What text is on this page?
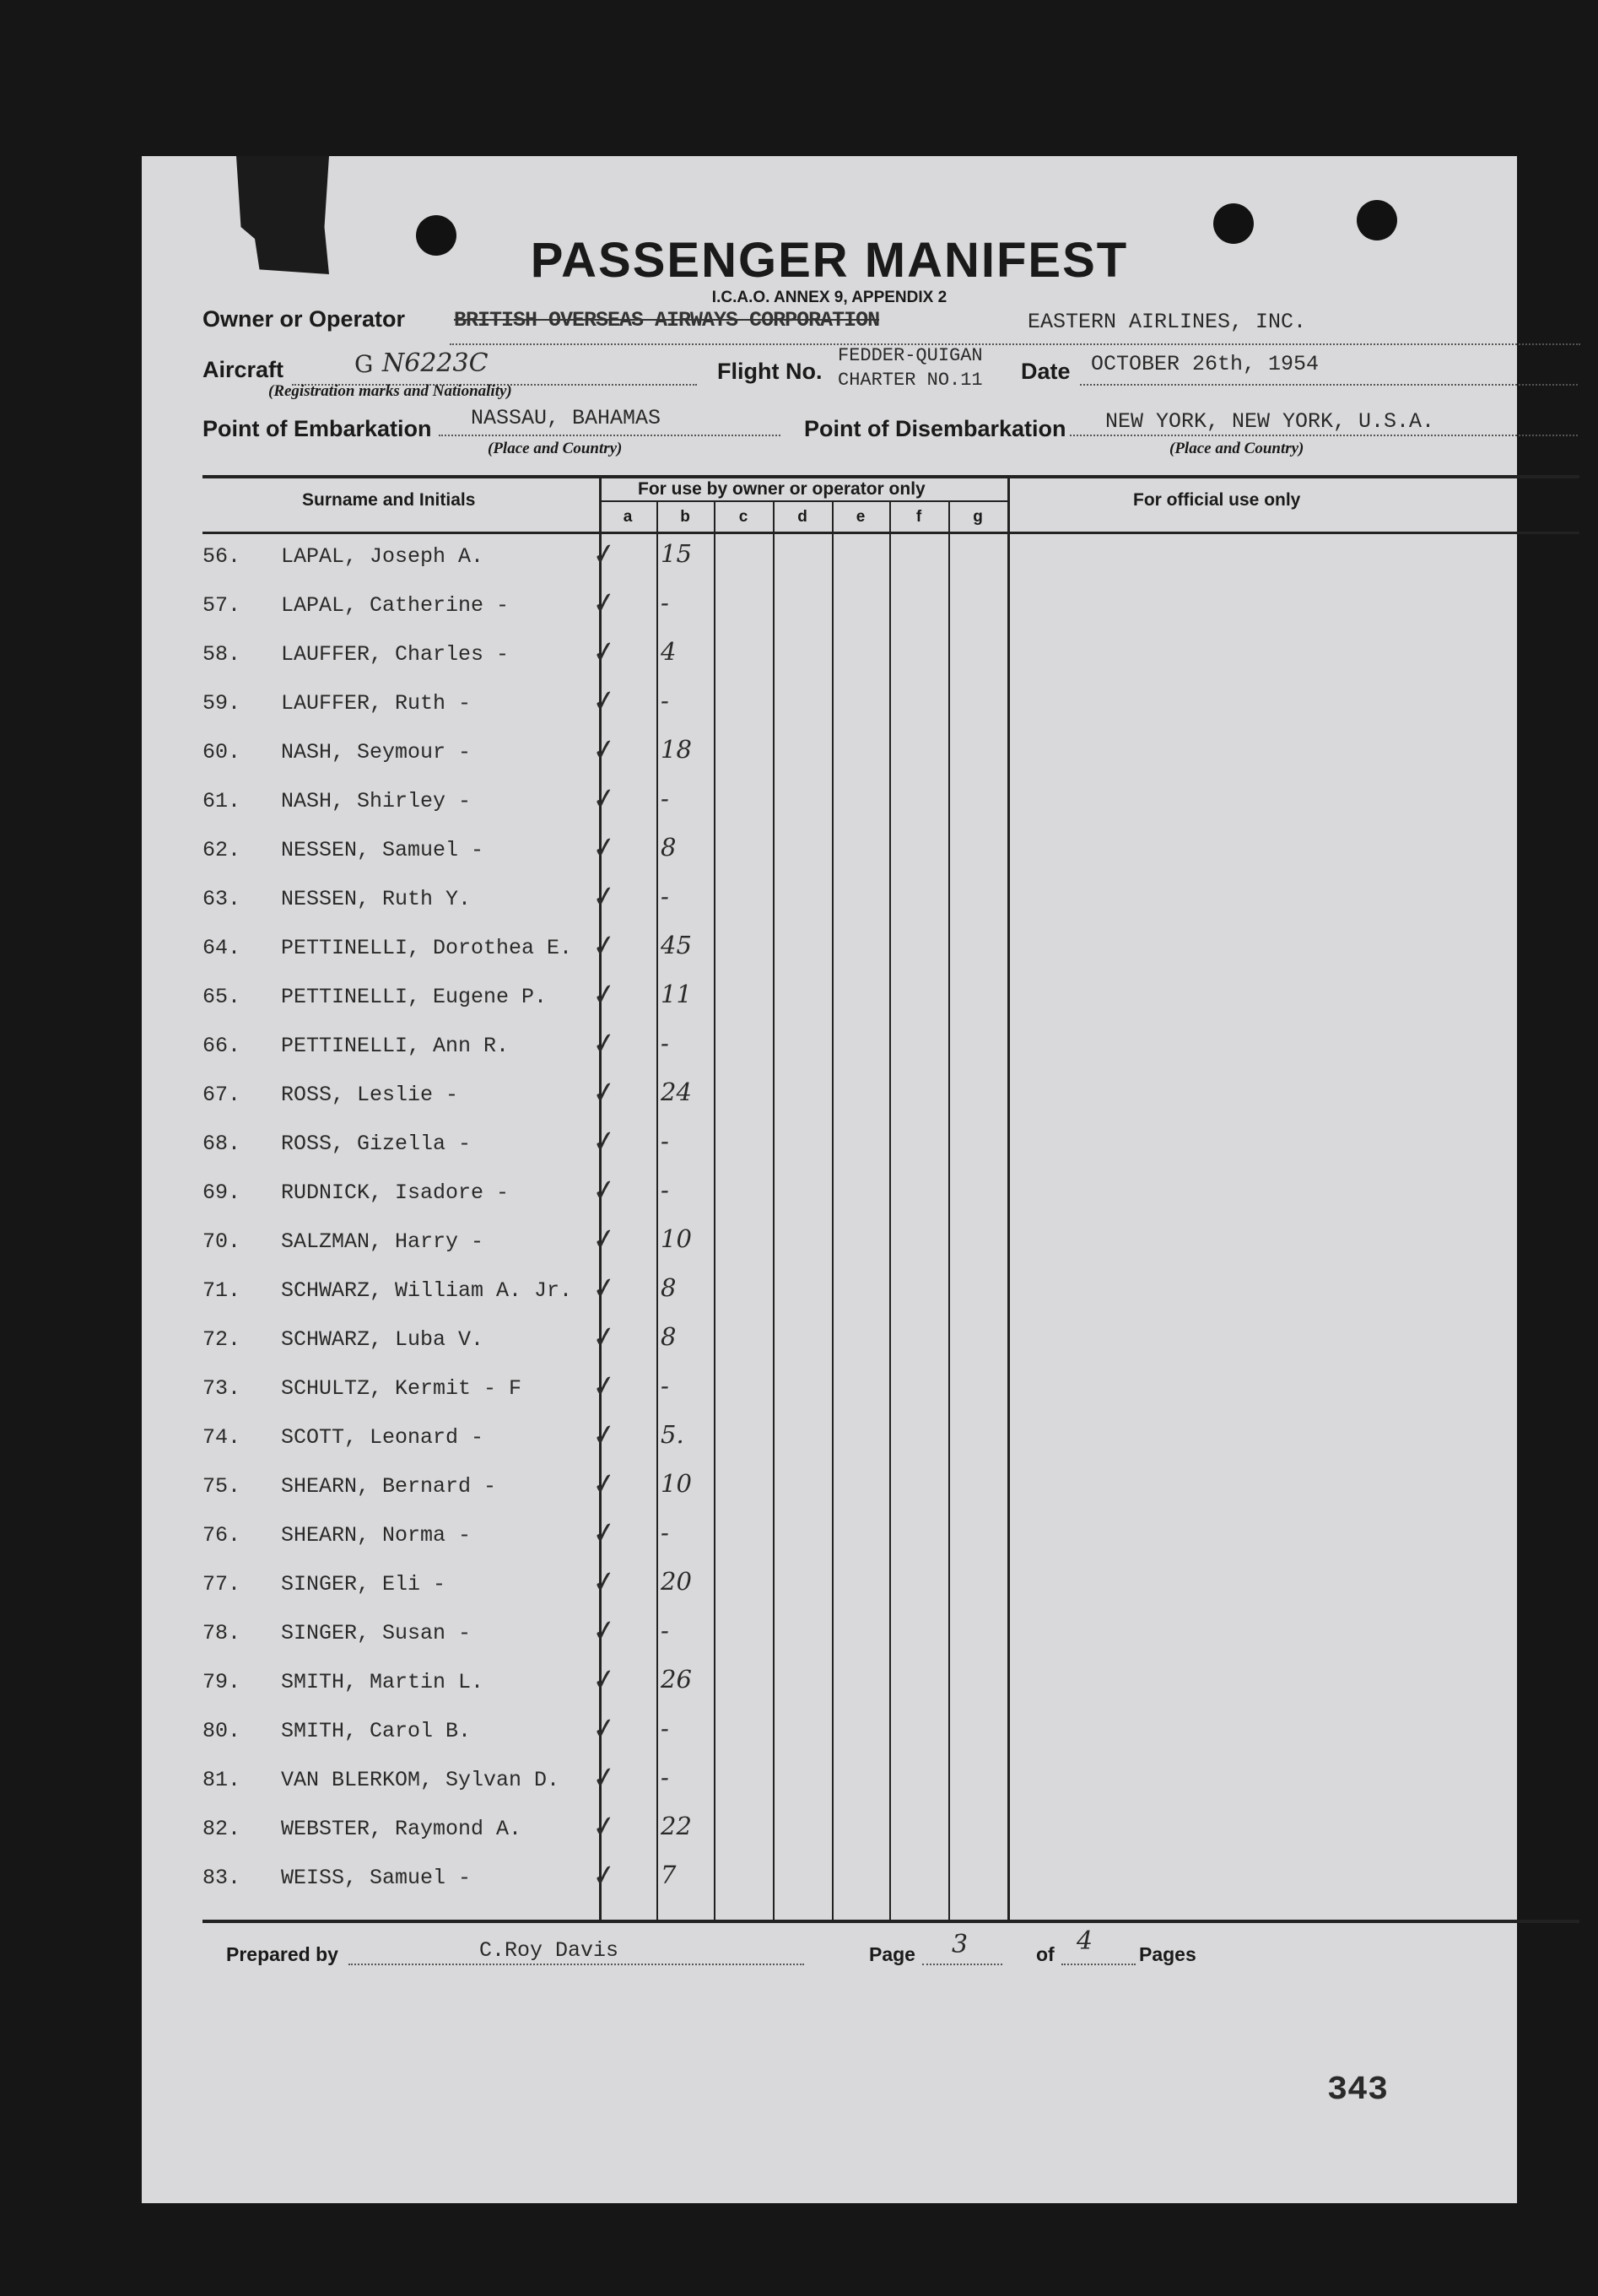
PASSENGER MANIFEST
I.C.A.O. ANNEX 9, APPENDIX 2
Owner or Operator BRITISH OVERSEAS AIRWAYS CORPORATION	EASTERN AIRLINES, INC.
Aircraft	G N6223C
(Registration marks and Nationality)
Flight No.
FEDDER-QUIGAN
CHARTER NO.11 Date OCTOBER 26th, 1954
Point of Embarkation NASSAU, BAHAMAS
(Place and Country)
Point of Disembarkation NEW YORK, NEW YORK, U.S.A.
(Place and Country)
Surname and Initials
For use by owner or operator only
For official use only
a	b	c	d	e	f	g
56. LAPAL, Joseph A.	✓ 15
57. LAPAL, Catherine -	✓ -
58. LAUFFER, Charles -	✓ 4
59. LAUFFER, Ruth -	✓ -
60. NASH, Seymour -	✓ 18
61. NASH, Shirley -	✓ -
62. NESSEN, Samuel -	✓ 8
63. NESSEN, Ruth Y.	✓ -
64. PETTINELLI, Dorothea E. ✓ 45
65. PETTINELLI, Eugene P. ✓ 11
66. PETTINELLI, Ann R.	✓ -
67. ROSS, Leslie -	✓ 24
68. ROSS, Gizella -	✓ -
69. RUDNICK, Isadore -	✓ -
70. SALZMAN, Harry -	✓ 10
71. SCHWARZ, William A. Jr. ✓ 8
72. SCHWARZ, Luba V.	✓ 8
73. SCHULTZ, Kermit - F ✓ -
74. SCOTT, Leonard -	✓ 5.
75. SHEARN, Bernard -	✓ 10
76. SHEARN, Norma -	✓ -
77. SINGER, Eli -	✓ 20
78. SINGER, Susan -	✓ -
79. SMITH, Martin L.	✓ 26
80. SMITH, Carol B.	✓ -
81. VAN BLERKOM, Sylvan D. ✓ -
82. WEBSTER, Raymond A. ✓ 22
83. WEISS, Samuel -	✓ 7
Prepared by	C.Roy Davis	Page 3	of 4 Pages
343
